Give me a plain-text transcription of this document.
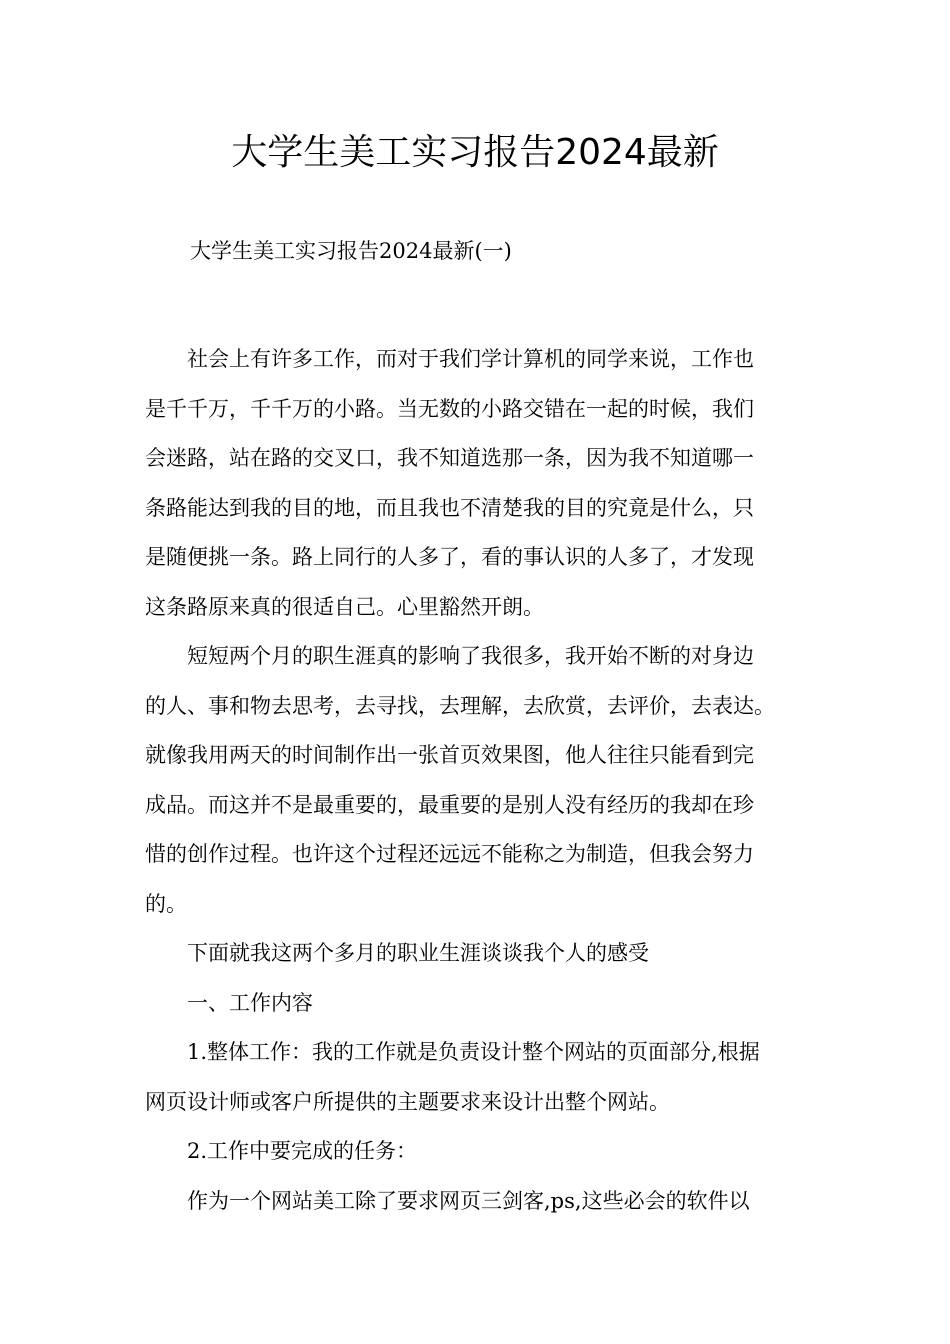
大学生美工实习报告2024最新

大学生美工实习报告2024最新(一)

社会上有许多工作，而对于我们学计算机的同学来说，工作也
是千千万，千千万的小路。当无数的小路交错在一起的时候，我们
会迷路，站在路的交叉口，我不知道选那一条，因为我不知道哪一
条路能达到我的目的地，而且我也不清楚我的目的究竟是什么，只
是随便挑一条。路上同行的人多了，看的事认识的人多了，才发现
这条路原来真的很适自己。心里豁然开朗。
短短两个月的职生涯真的影响了我很多，我开始不断的对身边
的人、事和物去思考，去寻找，去理解，去欣赏，去评价，去表达。
就像我用两天的时间制作出一张首页效果图，他人往往只能看到完
成品。而这并不是最重要的，最重要的是别人没有经历的我却在珍
惜的创作过程。也许这个过程还远远不能称之为制造，但我会努力
的。
下面就我这两个多月的职业生涯谈谈我个人的感受
一、工作内容
1.整体工作：我的工作就是负责设计整个网站的页面部分,根据
网页设计师或客户所提供的主题要求来设计出整个网站。
2.工作中要完成的任务：
作为一个网站美工除了要求网页三剑客,ps,这些必会的软件以
